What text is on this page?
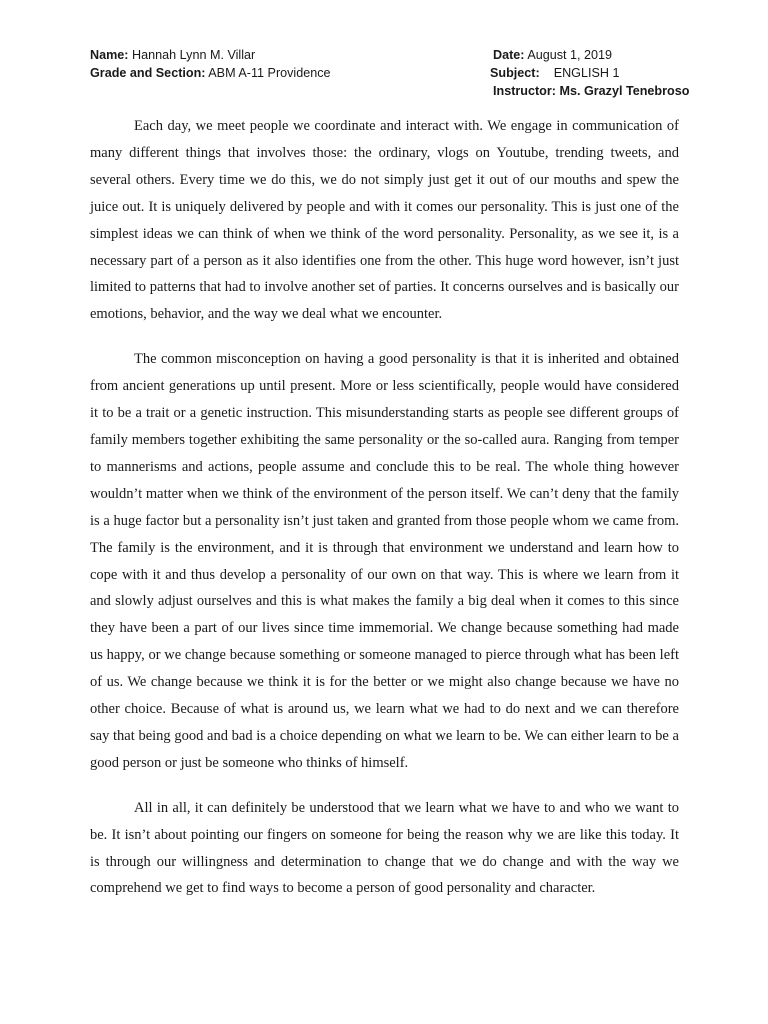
Name: Hannah Lynn M. Villar	Date: August 1, 2019
Grade and Section: ABM A-11 Providence	Subject: ENGLISH 1
Instructor: Ms. Grazyl Tenebroso

Each day, we meet people we coordinate and interact with. We engage in communication of many different things that involves those: the ordinary, vlogs on Youtube, trending tweets, and several others. Every time we do this, we do not simply just get it out of our mouths and spew the juice out. It is uniquely delivered by people and with it comes our personality. This is just one of the simplest ideas we can think of when we think of the word personality. Personality, as we see it, is a necessary part of a person as it also identifies one from the other. This huge word however, isn’t just limited to patterns that had to involve another set of parties. It concerns ourselves and is basically our emotions, behavior, and the way we deal what we encounter.

The common misconception on having a good personality is that it is inherited and obtained from ancient generations up until present. More or less scientifically, people would have considered it to be a trait or a genetic instruction. This misunderstanding starts as people see different groups of family members together exhibiting the same personality or the so-called aura. Ranging from temper to mannerisms and actions, people assume and conclude this to be real. The whole thing however wouldn’t matter when we think of the environment of the person itself. We can’t deny that the family is a huge factor but a personality isn’t just taken and granted from those people whom we came from. The family is the environment, and it is through that environment we understand and learn how to cope with it and thus develop a personality of our own on that way. This is where we learn from it and slowly adjust ourselves and this is what makes the family a big deal when it comes to this since they have been a part of our lives since time immemorial. We change because something had made us happy, or we change because something or someone managed to pierce through what has been left of us. We change because we think it is for the better or we might also change because we have no other choice. Because of what is around us, we learn what we had to do next and we can therefore say that being good and bad is a choice depending on what we learn to be. We can either learn to be a good person or just be someone who thinks of himself.

All in all, it can definitely be understood that we learn what we have to and who we want to be. It isn’t about pointing our fingers on someone for being the reason why we are like this today. It is through our willingness and determination to change that we do change and with the way we comprehend we get to find ways to become a person of good personality and character.
